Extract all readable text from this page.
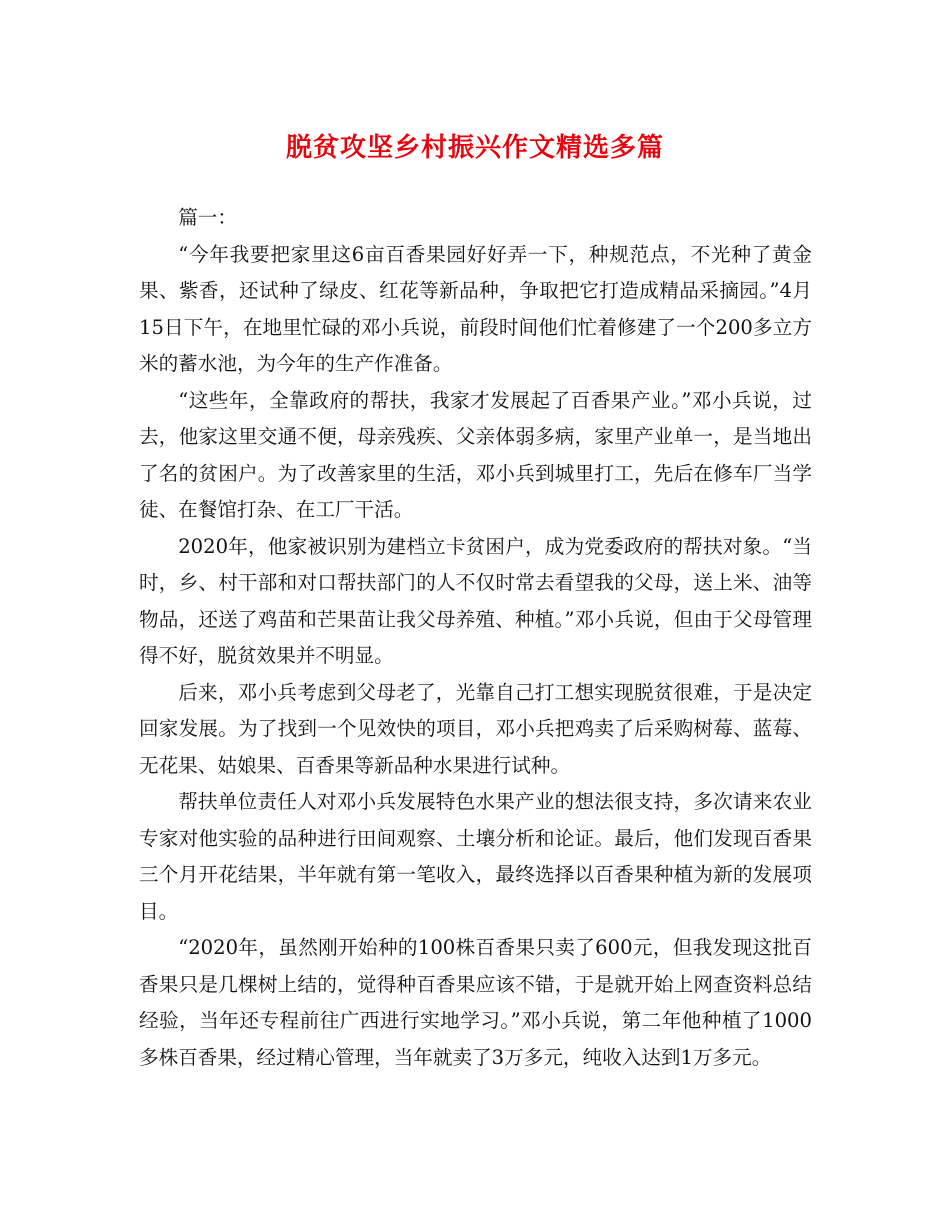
脱贫攻坚乡村振兴作文精选多篇

篇一：

“今年我要把家里这6亩百香果园好好弄一下，种规范点，不光种了黄金果、紫香，还试种了绿皮、红花等新品种，争取把它打造成精品采摘园。”4月15日下午，在地里忙碌的邓小兵说，前段时间他们忙着修建了一个200多立方米的蓄水池，为今年的生产作准备。

“这些年，全靠政府的帮扶，我家才发展起了百香果产业。”邓小兵说，过去，他家这里交通不便，母亲残疾、父亲体弱多病，家里产业单一，是当地出了名的贫困户。为了改善家里的生活，邓小兵到城里打工，先后在修车厂当学徒、在餐馆打杂、在工厂干活。

2020年，他家被识别为建档立卡贫困户，成为党委政府的帮扶对象。“当时，乡、村干部和对口帮扶部门的人不仅时常去看望我的父母，送上米、油等物品，还送了鸡苗和芒果苗让我父母养殖、种植。”邓小兵说，但由于父母管理得不好，脱贫效果并不明显。

后来，邓小兵考虑到父母老了，光靠自己打工想实现脱贫很难，于是决定回家发展。为了找到一个见效快的项目，邓小兵把鸡卖了后采购树莓、蓝莓、无花果、姑娘果、百香果等新品种水果进行试种。

帮扶单位责任人对邓小兵发展特色水果产业的想法很支持，多次请来农业专家对他实验的品种进行田间观察、土壤分析和论证。最后，他们发现百香果三个月开花结果，半年就有第一笔收入，最终选择以百香果种植为新的发展项目。

“2020年，虽然刚开始种的100株百香果只卖了600元，但我发现这批百香果只是几棵树上结的，觉得种百香果应该不错，于是就开始上网查资料总结经验，当年还专程前往广西进行实地学习。”邓小兵说，第二年他种植了1000多株百香果，经过精心管理，当年就卖了3万多元，纯收入达到1万多元。
